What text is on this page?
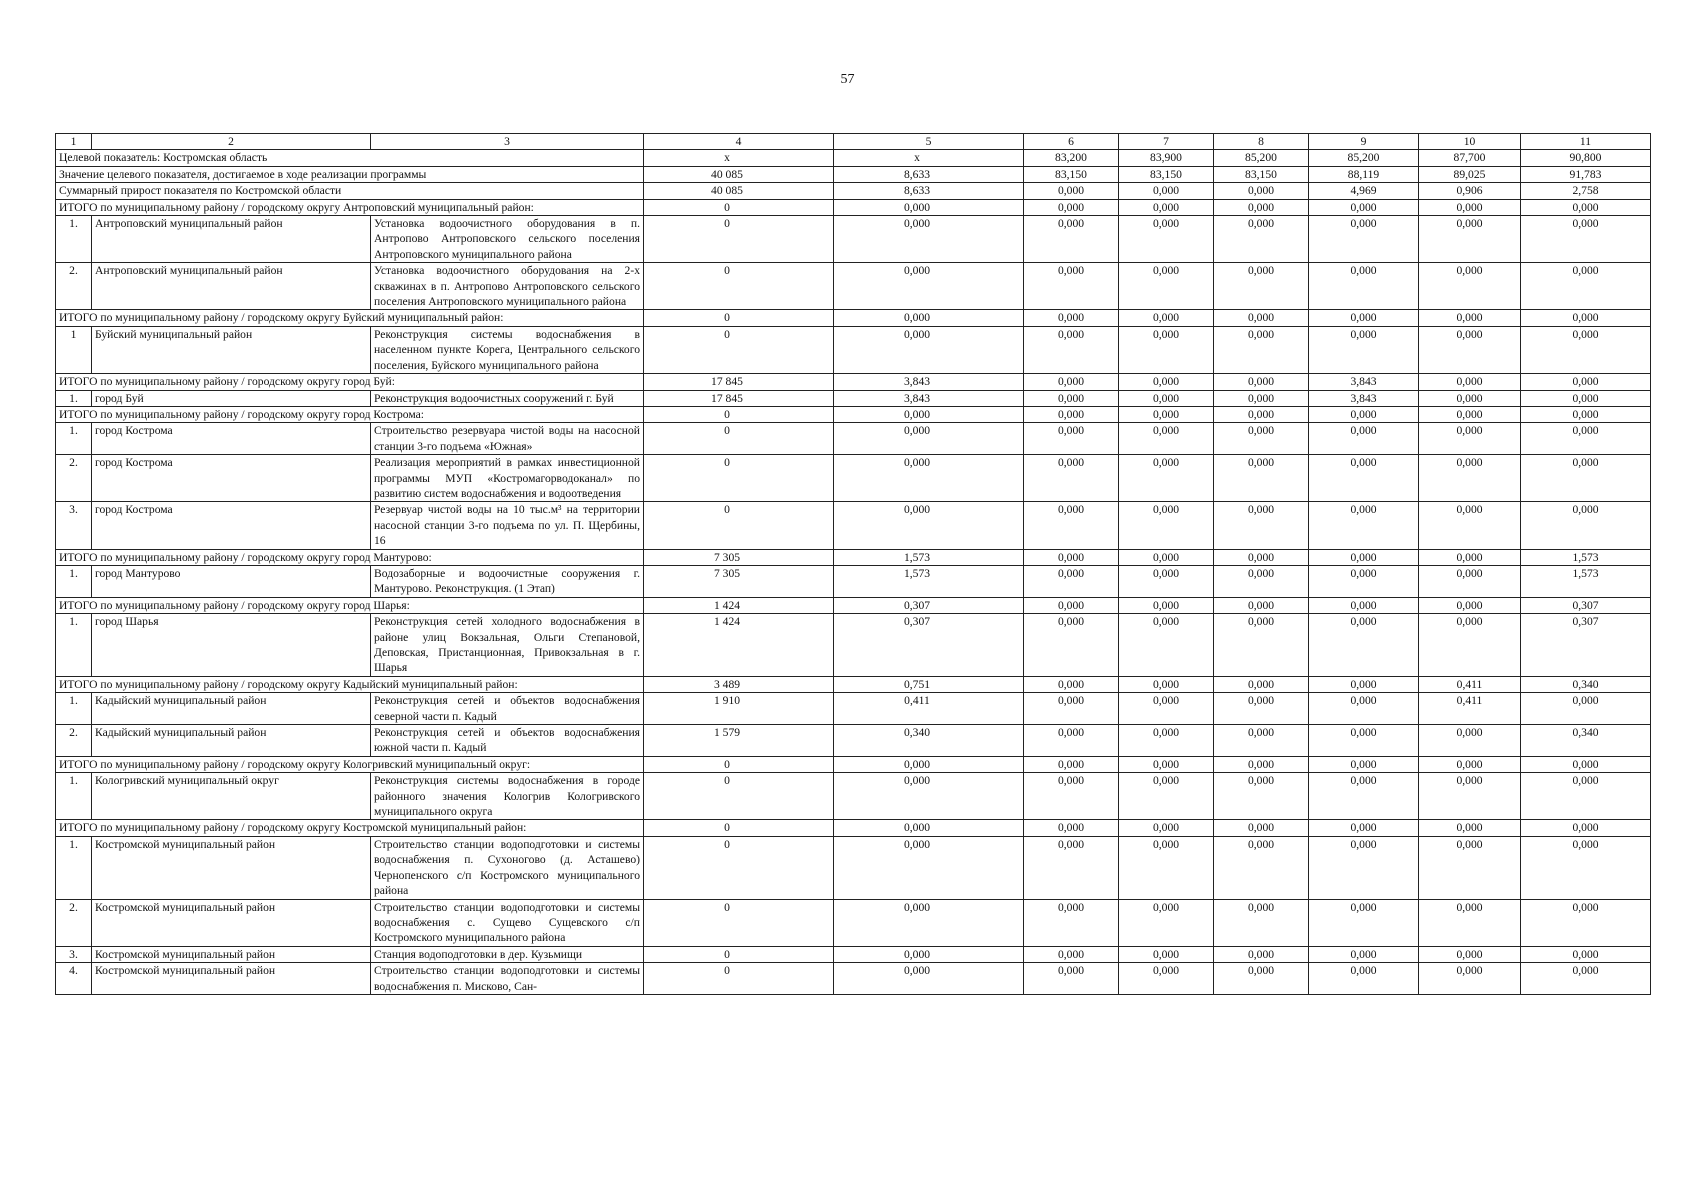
57
1	2	3	4	5	6	7	8	9	10	11
Целевой показатель: Костромская область			х	х	83,200	83,900	85,200	85,200	87,700	90,800
Значение целевого показателя, достигаемое в ходе реализации программы			40 085	8,633	83,150	83,150	83,150	88,119	89,025	91,783
Суммарный прирост показателя по Костромской области			40 085	8,633	0,000	0,000	0,000	4,969	0,906	2,758
ИТОГО по муниципальному району / городскому округу Антроповский муниципальный район:			0	0,000	0,000	0,000	0,000	0,000	0,000	0,000
1.	Антроповский муниципальный район	Установка водоочистного оборудования в п. Антропово Антроповского сельского поселения Антроповского муниципального района	0	0,000	0,000	0,000	0,000	0,000	0,000	0,000
2.	Антроповский муниципальный район	Установка водоочистного оборудования на 2-х скважинах в п. Антропово Антроповского сельского поселения Антроповского муниципального района	0	0,000	0,000	0,000	0,000	0,000	0,000	0,000
ИТОГО по муниципальному району / городскому округу Буйский муниципальный район:			0	0,000	0,000	0,000	0,000	0,000	0,000	0,000
1	Буйский муниципальный район	Реконструкция системы водоснабжения в населенном пункте Корега, Центрального сельского поселения, Буйского муниципального района	0	0,000	0,000	0,000	0,000	0,000	0,000	0,000
ИТОГО по муниципальному району / городскому округу город Буй:			17 845	3,843	0,000	0,000	0,000	3,843	0,000	0,000
1.	город Буй	Реконструкция водоочистных сооружений г. Буй	17 845	3,843	0,000	0,000	0,000	3,843	0,000	0,000
ИТОГО по муниципальному району / городскому округу город Кострома:			0	0,000	0,000	0,000	0,000	0,000	0,000	0,000
1.	город Кострома	Строительство резервуара чистой воды на насосной станции 3-го подъема «Южная»	0	0,000	0,000	0,000	0,000	0,000	0,000	0,000
2.	город Кострома	Реализация мероприятий в рамках инвестиционной программы МУП «Костромагорводоканал» по развитию систем водоснабжения и водоотведения	0	0,000	0,000	0,000	0,000	0,000	0,000	0,000
3.	город Кострома	Резервуар чистой воды на 10 тыс.м³ на территории насосной станции 3-го подъема по ул. П. Щербины, 16	0	0,000	0,000	0,000	0,000	0,000	0,000	0,000
ИТОГО по муниципальному району / городскому округу город Мантурово:			7 305	1,573	0,000	0,000	0,000	0,000	0,000	1,573
1.	город Мантурово	Водозаборные и водоочистные сооружения г. Мантурово. Реконструкция. (1 Этап)	7 305	1,573	0,000	0,000	0,000	0,000	0,000	1,573
ИТОГО по муниципальному району / городскому округу город Шарья:			1 424	0,307	0,000	0,000	0,000	0,000	0,000	0,307
1.	город Шарья	Реконструкция сетей холодного водоснабжения в районе улиц Вокзальная, Ольги Степановой, Деповская, Пристанционная, Привокзальная в г. Шарья	1 424	0,307	0,000	0,000	0,000	0,000	0,000	0,307
ИТОГО по муниципальному району / городскому округу Кадыйский муниципальный район:			3 489	0,751	0,000	0,000	0,000	0,000	0,411	0,340
1.	Кадыйский муниципальный район	Реконструкция сетей и объектов водоснабжения северной части п. Кадый	1 910	0,411	0,000	0,000	0,000	0,000	0,411	0,000
2.	Кадыйский муниципальный район	Реконструкция сетей и объектов водоснабжения южной части п. Кадый	1 579	0,340	0,000	0,000	0,000	0,000	0,000	0,340
ИТОГО по муниципальному району / городскому округу Кологривский муниципальный округ:			0	0,000	0,000	0,000	0,000	0,000	0,000	0,000
1.	Кологривский муниципальный округ	Реконструкция системы водоснабжения в городе районного значения Кологрив Кологривского муниципального округа	0	0,000	0,000	0,000	0,000	0,000	0,000	0,000
ИТОГО по муниципальному району / городскому округу Костромской муниципальный район:			0	0,000	0,000	0,000	0,000	0,000	0,000	0,000
1.	Костромской муниципальный район	Строительство станции водоподготовки и системы водоснабжения п. Сухоногово (д. Асташево) Чернопенского с/п Костромского муниципального района	0	0,000	0,000	0,000	0,000	0,000	0,000	0,000
2.	Костромской муниципальный район	Строительство станции водоподготовки и системы водоснабжения с. Сущево Сущевского с/п Костромского муниципального района	0	0,000	0,000	0,000	0,000	0,000	0,000	0,000
3.	Костромской муниципальный район	Станция водоподготовки в дер. Кузьмищи	0	0,000	0,000	0,000	0,000	0,000	0,000	0,000
4.	Костромской муниципальный район	Строительство станции водоподготовки и системы водоснабжения п. Мисково, Сан-	0	0,000	0,000	0,000	0,000	0,000	0,000	0,000
